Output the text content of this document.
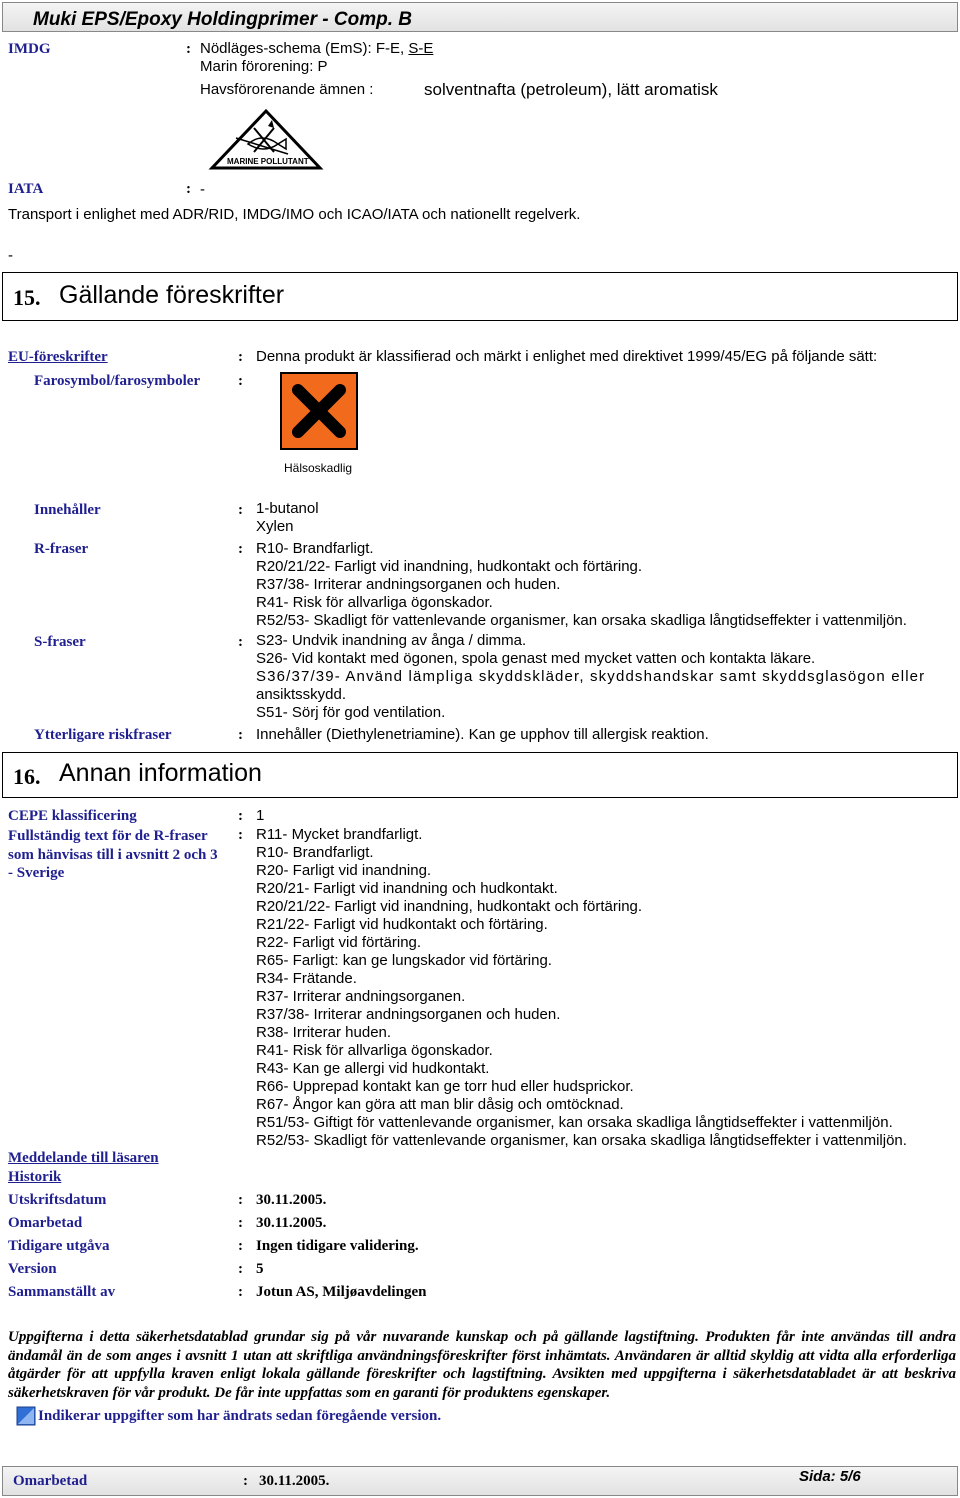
Muki EPS/Epoxy Holdingprimer - Comp. B
IMDG	: Nödläges-schema (EmS): F-E, S-E
Marin förorening: P
Havsförorenande ämnen :	solventnafta (petroleum), lätt aromatisk
MARINE POLLUTANT
IATA	: -
Transport i enlighet med ADR/RID, IMDG/IMO och ICAO/IATA och nationellt regelverk.
-
15. Gällande föreskrifter
EU-föreskrifter	: Denna produkt är klassifierad och märkt i enlighet med direktivet 1999/45/EG på följande sätt:
Farosymbol/farosymboler	:
Hälsoskadlig
Innehåller	: 1-butanol
Xylen
R-fraser	: R10- Brandfarligt.
R20/21/22- Farligt vid inandning, hudkontakt och förtäring.
R37/38- Irriterar andningsorganen och huden.
R41- Risk för allvarliga ögonskador.
R52/53- Skadligt för vattenlevande organismer, kan orsaka skadliga långtidseffekter i vattenmiljön.
S-fraser	: S23- Undvik inandning av ånga / dimma.
S26- Vid kontakt med ögonen, spola genast med mycket vatten och kontakta läkare.
S36/37/39- Använd lämpliga skyddskläder, skyddshandskar samt skyddsglasögon eller
ansiktsskydd.
S51- Sörj för god ventilation.
Ytterligare riskfraser	: Innehåller (Diethylenetriamine). Kan ge upphov till allergisk reaktion.
16. Annan information
CEPE klassificering	: 1
Fullständig text för de R-fraser
som hänvisas till i avsnitt 2 och 3
- Sverige
: R11- Mycket brandfarligt.
R10- Brandfarligt.
R20- Farligt vid inandning.
R20/21- Farligt vid inandning och hudkontakt.
R20/21/22- Farligt vid inandning, hudkontakt och förtäring.
R21/22- Farligt vid hudkontakt och förtäring.
R22- Farligt vid förtäring.
R65- Farligt: kan ge lungskador vid förtäring.
R34- Frätande.
R37- Irriterar andningsorganen.
R37/38- Irriterar andningsorganen och huden.
R38- Irriterar huden.
R41- Risk för allvarliga ögonskador.
R43- Kan ge allergi vid hudkontakt.
R66- Upprepad kontakt kan ge torr hud eller hudsprickor.
R67- Ångor kan göra att man blir dåsig och omtöcknad.
R51/53- Giftigt för vattenlevande organismer, kan orsaka skadliga långtidseffekter i vattenmiljön.
R52/53- Skadligt för vattenlevande organismer, kan orsaka skadliga långtidseffekter i vattenmiljön.
Meddelande till läsaren
Historik
Utskriftsdatum	: 30.11.2005.
Omarbetad	: 30.11.2005.
Tidigare utgåva	: Ingen tidigare validering.
Version	: 5
Sammanställt av	: Jotun AS, Miljøavdelingen
Uppgifterna i detta säkerhetsdatablad grundar sig på vår nuvarande kunskap och på gällande lagstiftning. Produkten får inte användas till andra ändamål än de som anges i avsnitt 1 utan att skriftliga användningsföreskrifter först inhämtats. Användaren är alltid skyldig att vidta alla erforderliga åtgärder för att uppfylla kraven enligt lokala gällande föreskrifter och lagstiftning. Avsikten med uppgifterna i säkerhetsdatabladet är att beskriva säkerhetskraven för vår produkt. De får inte uppfattas som en garanti för produktens egenskaper.
Indikerar uppgifter som har ändrats sedan föregående version.
Omarbetad	: 30.11.2005.	Sida: 5/6
